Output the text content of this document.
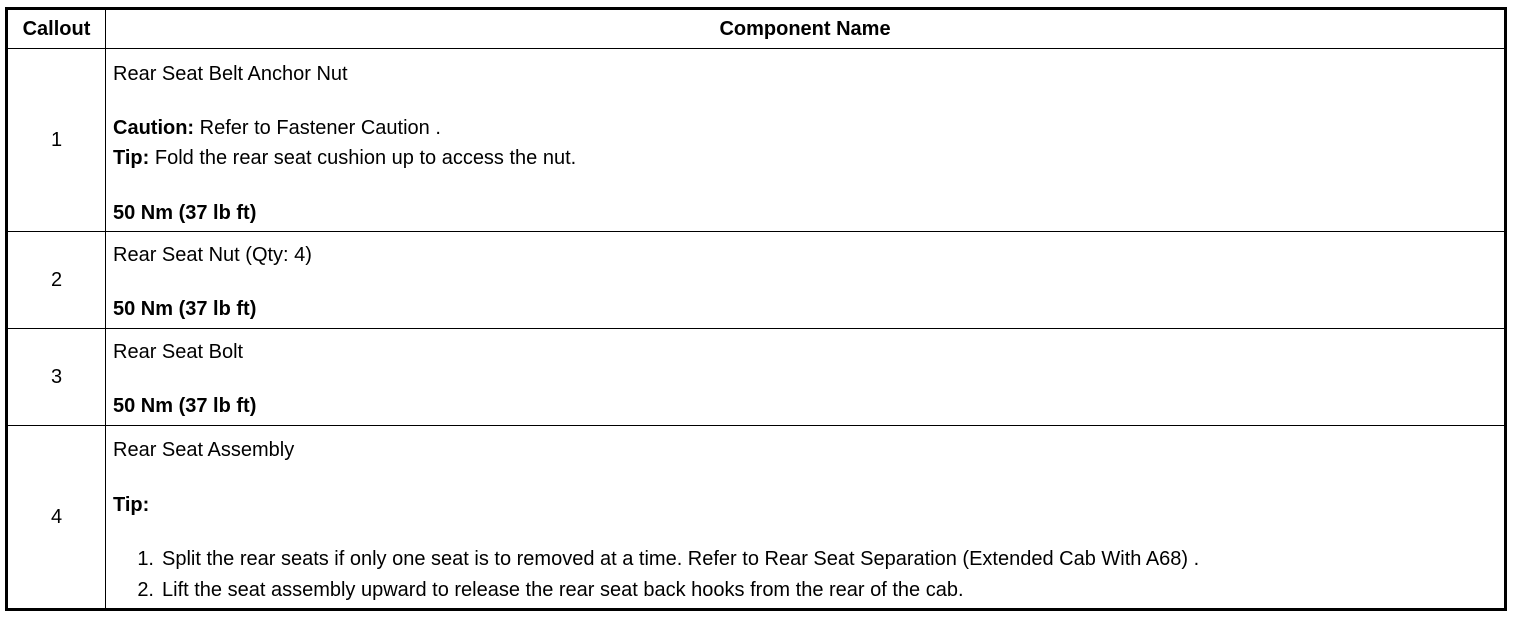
Callout	Component Name
1
Rear Seat Belt Anchor Nut
Caution: Refer to Fastener Caution .
Tip: Fold the rear seat cushion up to access the nut.
50 Nm (37 lb ft)
2
Rear Seat Nut (Qty: 4)
50 Nm (37 lb ft)
3
Rear Seat Bolt
50 Nm (37 lb ft)
4
Rear Seat Assembly
Tip:
1. Split the rear seats if only one seat is to removed at a time. Refer to Rear Seat Separation (Extended Cab With A68) .
2. Lift the seat assembly upward to release the rear seat back hooks from the rear of the cab.
